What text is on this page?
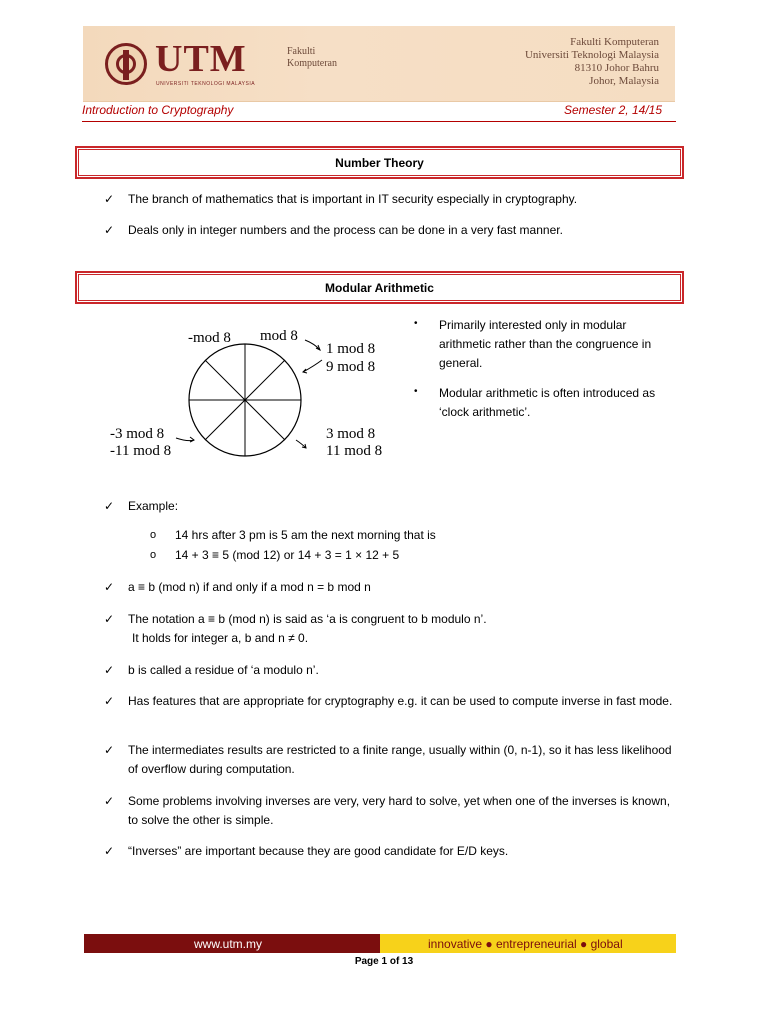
UTM
UNIVERSITI TEKNOLOGI MALAYSIA
Fakulti
Komputeran
Fakulti Komputeran
Universiti Teknologi Malaysia
81310 Johor Bahru
Johor, Malaysia
Introduction to Cryptography	Semester 2, 14/15
Number Theory
✓	The branch of mathematics that is important in IT security especially in cryptography.
✓	Deals only in integer numbers and the process can be done in a very fast manner.
Modular Arithmetic
-mod 8 mod 8
1 mod 8
9 mod 8
-3 mod 8
-11 mod 8
3 mod 8
11 mod 8
•	Primarily interested only in modular arithmetic rather than the congruence in general.
•	Modular arithmetic is often introduced as ‘clock arithmetic’.
✓	Example:
o	14 hrs after 3 pm is 5 am the next morning that is
o	14 + 3 ≡ 5 (mod 12) or 14 + 3 = 1 × 12 + 5
✓	a ≡ b (mod n) if and only if a mod n = b mod n
✓	The notation a ≡ b (mod n) is said as ‘a is congruent to b modulo n’.
It holds for integer a, b and n ≠ 0.
✓	b is called a residue of ‘a modulo n’.
✓	Has features that are appropriate for cryptography e.g. it can be used to compute inverse in fast mode.
✓	The intermediates results are restricted to a finite range, usually within (0, n-1), so it has less likelihood of overflow during computation.
✓	Some problems involving inverses are very, very hard to solve, yet when one of the inverses is known, to solve the other is simple.
✓	“Inverses” are important because they are good candidate for E/D keys.
www.utm.my	innovative ● entrepreneurial ● global
Page 1 of 13
